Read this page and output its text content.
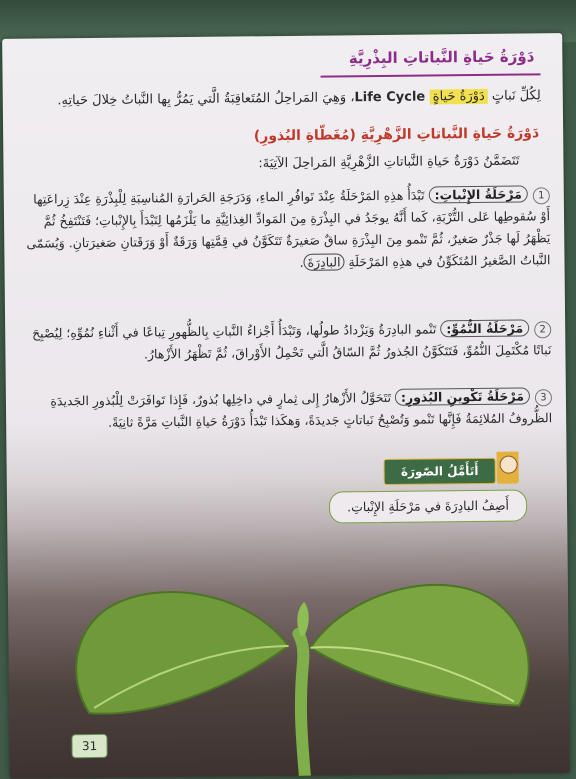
دَوْرَةُ حَياةِ النَّباتاتِ البِذْرِيَّةِ

لِكُلِّ نَباتٍ دَوْرَةُ حَياةٍ Life Cycle، وَهِيَ المَراحِلُ المُتَعاقِبَةُ الَّتي يَمُرُّ بِها النَّباتُ خِلالَ حَياتِهِ.

دَوْرَةُ حَياةِ النَّباتاتِ الزَّهْرِيَّةِ (مُغَطّاةِ البُذورِ)

تَتَضَمَّنُ دَوْرَةُ حَياةِ النَّباتاتِ الزَّهْرِيَّةِ المَراحِلَ الآتِيَةَ:

1مَرْحَلَةُ الإِنْباتِ: تَبْدَأُ هذِهِ المَرْحَلَةُ عِنْدَ تَوافُرِ الماءِ، وَدَرَجَةِ الحَرارَةِ المُناسِبَةِ لِلْبِذْرَةِ عِنْدَ زِراعَتِها أَوْ سُقوطِها عَلى التُّرْبَةِ، كَما أَنَّهُ يوجَدُ في البِذْرَةِ مِنَ المَوادِّ الغِذائِيَّةِ ما يَلْزَمُها لِتَبْدَأَ بِالإِنْباتِ؛ فَتَنْتَفِخُ ثُمَّ يَظْهَرُ لَها جَذْرٌ صَغيرٌ، ثُمَّ تَنْمو مِنَ البِذْرَةِ ساقٌ صَغيرَةٌ تَتَكَوَّنُ في قِمَّتِها وَرَقَةٌ أَوْ وَرَقَتانِ صَغيرَتانِ. وَيُسَمّى النَّباتُ الصَّغيرُ المُتَكَوِّنُ في هذِهِ المَرْحَلَةِ البادِرَةَ.

2مَرْحَلَةُ النُّمُوِّ: تَنْمو البادِرَةُ وَيَزْدادُ طولُها، وَتَبْدَأُ أَجْزاءُ النَّباتِ بِالظُّهورِ تِباعًا في أَثْناءِ نُمُوِّهِ؛ لِيُصْبِحَ نَباتًا مُكْتَمِلَ النُّمُوِّ، فَتَتَكَوَّنُ الجُذورُ ثُمَّ السّاقُ الَّتي تَحْمِلُ الأَوْراقَ، ثُمَّ تَظْهَرُ الأَزْهارُ.

3مَرْحَلَةُ تَكْوينِ البُذورِ: تَتَحَوَّلُ الأَزْهارُ إِلى ثِمارٍ في داخِلِها بُذورٌ، فَإِذا تَوافَرَتْ لِلْبُذورِ الجَديدَةِ الظُّروفُ المُلائِمَةُ فَإِنَّها تَنْمو وَتُصْبِحُ نَباتاتٍ جَديدَةً، وَهكَذا تَبْدَأُ دَوْرَةُ حَياةِ النَّباتِ مَرَّةً ثانِيَةً.

أَتَأَمَّلُ الصّورَةَ
أَصِفُ البادِرَةَ في مَرْحَلَةِ الإِنْباتِ.
31
